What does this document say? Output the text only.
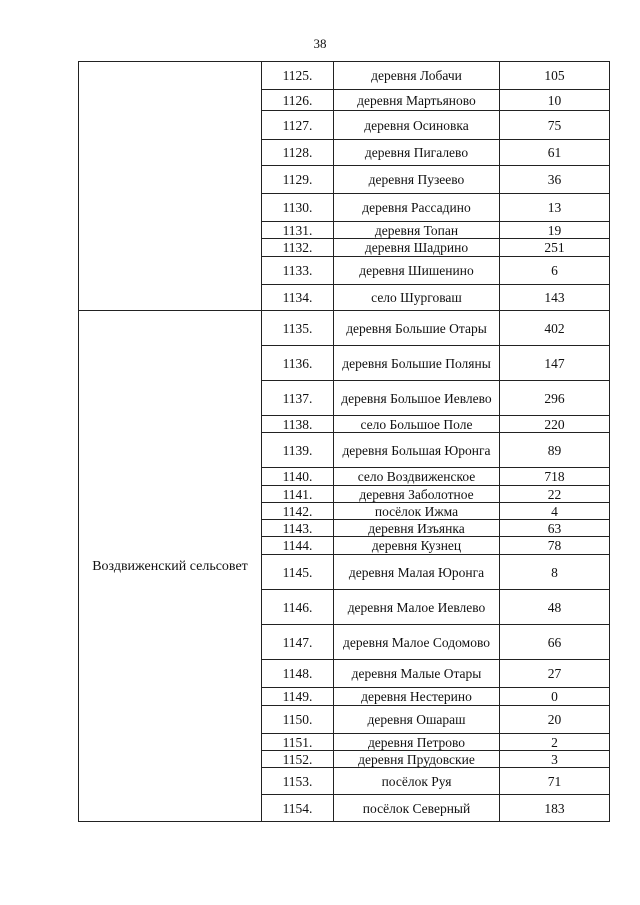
38
	1125.	деревня Лобачи	105
	1126.	деревня Мартьяново	10
	1127.	деревня Осиновка	75
	1128.	деревня Пигалево	61
	1129.	деревня Пузеево	36
	1130.	деревня Рассадино	13
	1131.	деревня Топан	19
	1132.	деревня Шадрино	251
	1133.	деревня Шишенино	6
	1134.	село Шурговаш	143
Воздвиженский сельсовет	1135.	деревня Большие Отары	402
	1136.	деревня Большие Поляны	147
	1137.	деревня Большое Иевлево	296
	1138.	село Большое Поле	220
	1139.	деревня Большая Юронга	89
	1140.	село Воздвиженское	718
	1141.	деревня Заболотное	22
	1142.	посёлок Ижма	4
	1143.	деревня Изъянка	63
	1144.	деревня Кузнец	78
	1145.	деревня Малая Юронга	8
	1146.	деревня Малое Иевлево	48
	1147.	деревня Малое Содомово	66
	1148.	деревня Малые Отары	27
	1149.	деревня Нестерино	0
	1150.	деревня Ошараш	20
	1151.	деревня Петрово	2
	1152.	деревня Прудовские	3
	1153.	посёлок Руя	71
	1154.	посёлок Северный	183
